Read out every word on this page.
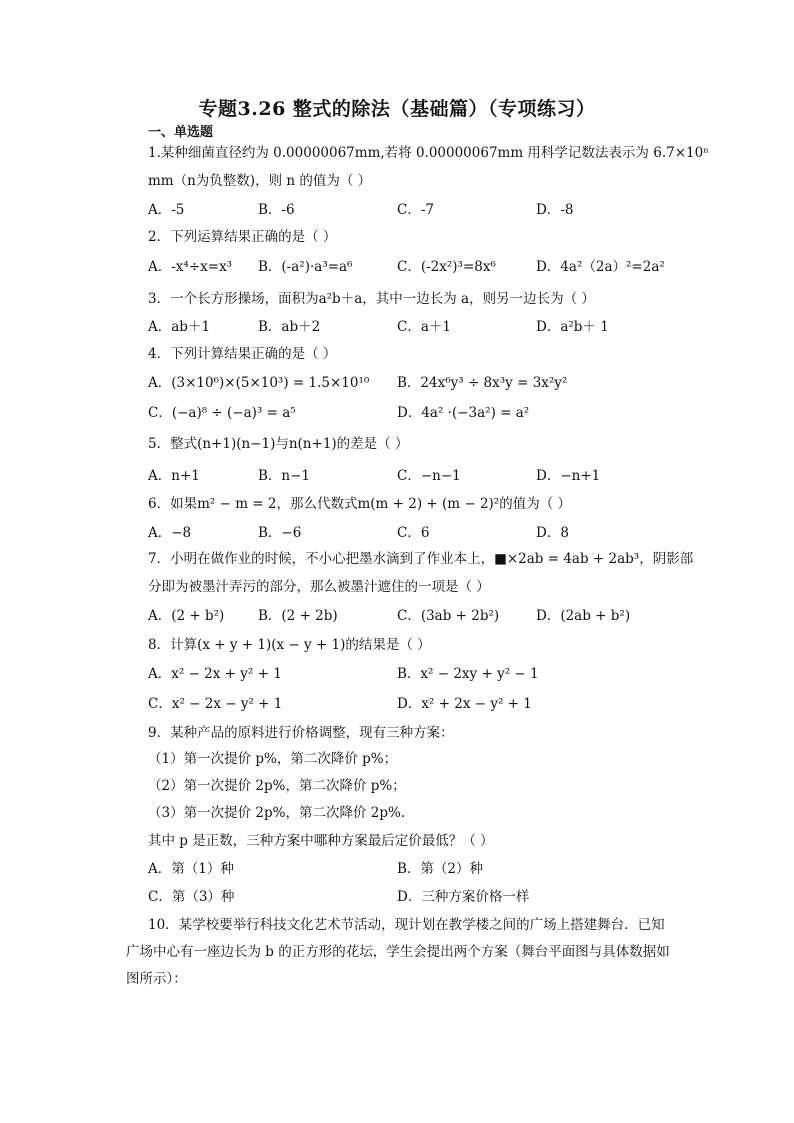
专题3.26 整式的除法（基础篇）（专项练习）
一、单选题
1.某种细菌直径约为 0.00000067mm,若将 0.00000067mm 用科学记数法表示为 6.7×10ⁿ
mm（n为负整数)，则 n 的值为（ ）
A．-5	B．-6	C．-7	D．-8
2．下列运算结果正确的是（ ）
A．-x⁴÷x=x³ B．(-a²)·a³=a⁶	C．(-2x²)³=8x⁶	D．4a²（2a）²=2a²
3．一个长方形操场，面积为a²b＋a，其中一边长为 a，则另一边长为（ ）
A．ab＋1	B．ab＋2	C．a＋1	D．a²b＋ 1
4．下列计算结果正确的是（ ）
A．(3×10⁶)×(5×10³) = 1.5×10¹⁰ B．24x⁶y³ ÷ 8x³y = 3x²y²
C．(−a)⁸ ÷ (−a)³ = a⁵	D．4a² ·(−3a²) = a²
5．整式(n+1)(n−1)与n(n+1)的差是（ ）
A．n+1	B．n−1	C．−n−1	D．−n+1
6．如果m² − m = 2，那么代数式m(m + 2) + (m − 2)²的值为（ ）
A．−8	B．−6	C．6	D．8
7．小明在做作业的时候，不小心把墨水滴到了作业本上，■×2ab = 4ab + 2ab³，阴影部
分即为被墨汁弄污的部分，那么被墨汁遮住的一项是（ ）
A．(2 + b²) B．(2 + 2b)	C．(3ab + 2b²)	D．(2ab + b²)
8．计算(x + y + 1)(x − y + 1)的结果是（ ）
A．x² − 2x + y² + 1	B．x² − 2xy + y² − 1
C．x² − 2x − y² + 1	D．x² + 2x − y² + 1
9．某种产品的原料进行价格调整，现有三种方案：
（1）第一次提价 p%，第二次降价 p%；
（2）第一次提价 2p%，第二次降价 p%；
（3）第一次提价 2p%，第二次降价 2p%.
其中 p 是正数，三种方案中哪种方案最后定价最低？（ ）
A．第（1）种	B．第（2）种
C．第（3）种	D．三种方案价格一样
10．某学校要举行科技文化艺术节活动，现计划在教学楼之间的广场上搭建舞台．已知
广场中心有一座边长为 b 的正方形的花坛，学生会提出两个方案（舞台平面图与具体数据如
图所示）：
